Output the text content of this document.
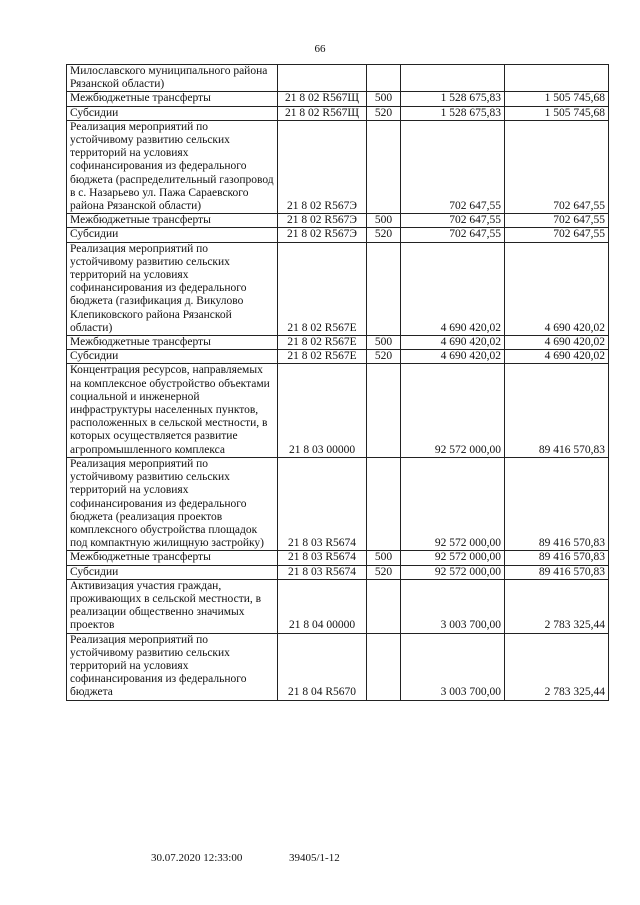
66
Милославского муниципального района Рязанской области)				
Межбюджетные трансферты	21 8 02 R567Щ	500	1 528 675,83	1 505 745,68
Субсидии	21 8 02 R567Щ	520	1 528 675,83	1 505 745,68
Реализация мероприятий по устойчивому развитию сельских территорий на условиях софинансирования из федерального бюджета (распределительный газопровод в с. Назарьево ул. Пажа Сараевского района Рязанской области)	21 8 02 R567Э		702 647,55	702 647,55
Межбюджетные трансферты	21 8 02 R567Э	500	702 647,55	702 647,55
Субсидии	21 8 02 R567Э	520	702 647,55	702 647,55
Реализация мероприятий по устойчивому развитию сельских территорий на условиях софинансирования из федерального бюджета (газификация д. Викулово Клепиковского района Рязанской области)	21 8 02 R567E		4 690 420,02	4 690 420,02
Межбюджетные трансферты	21 8 02 R567E	500	4 690 420,02	4 690 420,02
Субсидии	21 8 02 R567E	520	4 690 420,02	4 690 420,02
Концентрация ресурсов, направляемых на комплексное обустройство объектами социальной и инженерной инфраструктуры населенных пунктов, расположенных в сельской местности, в которых осуществляется развитие агропромышленного комплекса	21 8 03 00000		92 572 000,00	89 416 570,83
Реализация мероприятий по устойчивому развитию сельских территорий на условиях софинансирования из федерального бюджета (реализация проектов комплексного обустройства площадок под компактную жилищную застройку)	21 8 03 R5674		92 572 000,00	89 416 570,83
Межбюджетные трансферты	21 8 03 R5674	500	92 572 000,00	89 416 570,83
Субсидии	21 8 03 R5674	520	92 572 000,00	89 416 570,83
Активизация участия граждан, проживающих в сельской местности, в реализации общественно значимых проектов	21 8 04 00000		3 003 700,00	2 783 325,44
Реализация мероприятий по устойчивому развитию сельских территорий на условиях софинансирования из федерального бюджета	21 8 04 R5670		3 003 700,00	2 783 325,44
30.07.2020 12:33:00	39405/1-12
